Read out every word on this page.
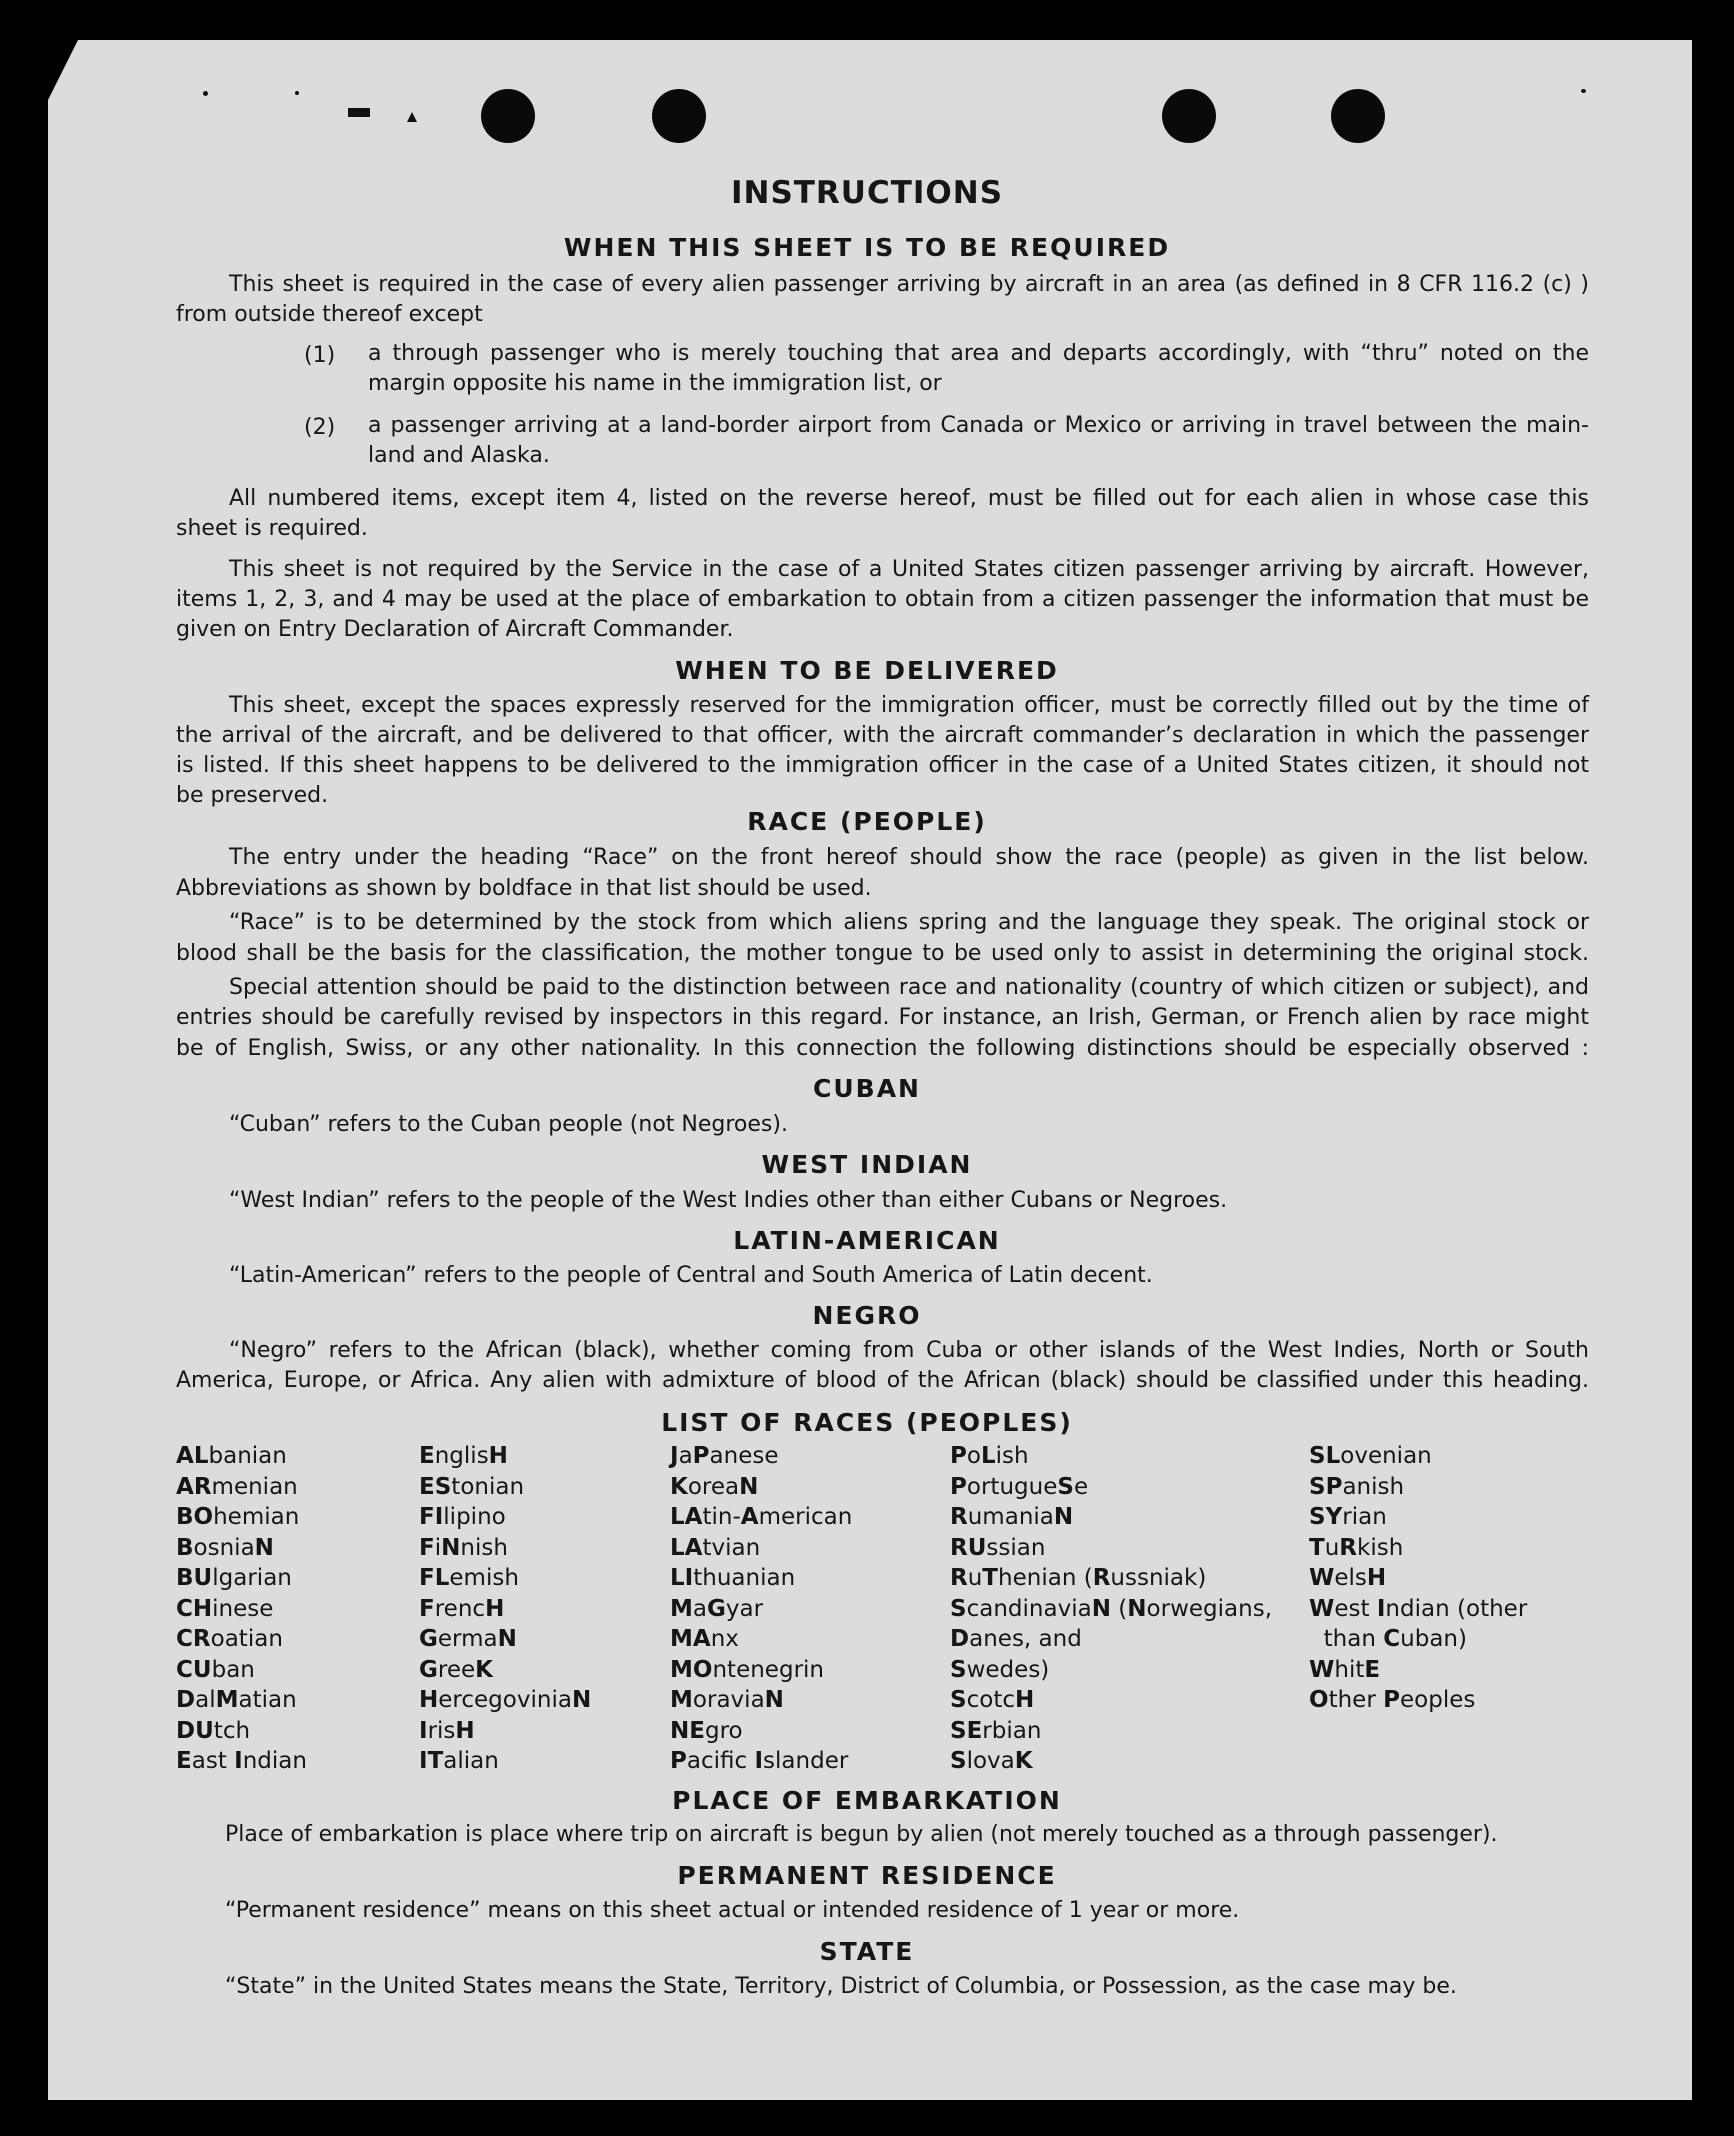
INSTRUCTIONS
WHEN THIS SHEET IS TO BE REQUIRED
This sheet is required in the case of every alien passenger arriving by aircraft in an area (as defined in 8 CFR 116.2 (c) )
from outside thereof except
(1) a through passenger who is merely touching that area and departs accordingly, with “thru” noted on the
margin opposite his name in the immigration list, or
(2) a passenger arriving at a land-border airport from Canada or Mexico or arriving in travel between the main-
land and Alaska.
All numbered items, except item 4, listed on the reverse hereof, must be filled out for each alien in whose case this
sheet is required.
This sheet is not required by the Service in the case of a United States citizen passenger arriving by aircraft. However,
items 1, 2, 3, and 4 may be used at the place of embarkation to obtain from a citizen passenger the information that must be
given on Entry Declaration of Aircraft Commander.
WHEN TO BE DELIVERED
This sheet, except the spaces expressly reserved for the immigration officer, must be correctly filled out by the time of
the arrival of the aircraft, and be delivered to that officer, with the aircraft commander’s declaration in which the passenger
is listed. If this sheet happens to be delivered to the immigration officer in the case of a United States citizen, it should not
be preserved.
RACE (PEOPLE)
The entry under the heading “Race” on the front hereof should show the race (people) as given in the list below.
Abbreviations as shown by boldface in that list should be used.
“Race” is to be determined by the stock from which aliens spring and the language they speak. The original stock or
blood shall be the basis for the classification, the mother tongue to be used only to assist in determining the original stock.
Special attention should be paid to the distinction between race and nationality (country of which citizen or subject), and
entries should be carefully revised by inspectors in this regard. For instance, an Irish, German, or French alien by race might
be of English, Swiss, or any other nationality. In this connection the following distinctions should be especially observed :
CUBAN
“Cuban” refers to the Cuban people (not Negroes).
WEST INDIAN
“West Indian” refers to the people of the West Indies other than either Cubans or Negroes.
LATIN-AMERICAN
“Latin-American” refers to the people of Central and South America of Latin decent.
NEGRO
“Negro” refers to the African (black), whether coming from Cuba or other islands of the West Indies, North or South
America, Europe, or Africa. Any alien with admixture of blood of the African (black) should be classified under this heading.
LIST OF RACES (PEOPLES)
ALbanian
ARmenian
BOhemian
BosniaN
BUlgarian
CHinese
CRoatian
CUban
DalMatian
DUtch
East Indian
EnglisH
EStonian
FIlipino
FiNnish
FLemish
FrencH
GermaN
GreeK
HercegoviniaN
IrisH
ITalian
JaPanese
KoreaN
LAtin-American
LAtvian
LIthuanian
MaGyar
MAnx
MOntenegrin
MoraviaN
NEgro
Pacifc Islander
PoLish
PortugueSe
RumaniaN
RUssian
RuThenian (Russniak)
ScandinaviaN (Norwegians,
Danes, and
Swedes)
ScotcH
SErbian
SlovaK
SLovenian
SPanish
SYrian
TuRkish
WelsH
West Indian (other
than Cuban)
WhitE
Other Peoples
PLACE OF EMBARKATION
Place of embarkation is place where trip on aircraft is begun by alien (not merely touched as a through passenger).
PERMANENT RESIDENCE
“Permanent residence” means on this sheet actual or intended residence of 1 year or more.
STATE
“State” in the United States means the State, Territory, District of Columbia, or Possession, as the case may be.
